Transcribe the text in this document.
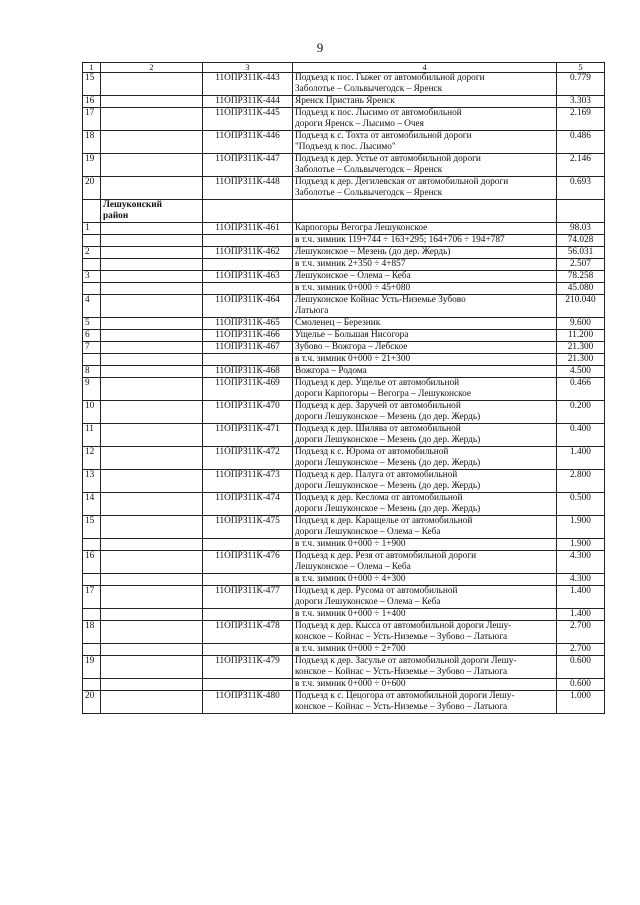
9
1	2	3	4	5
15		11ОПРЗ11К-443	Подъезд к пос. Гыжег от автомобильной дороги
Заболотье – Сольвычегодск – Яренск	0.779
16		11ОПРЗ11К-444	Яренск Пристань Яренск	3.303
17		11ОПРЗ11К-445	Подъезд к пос. Лысимо от автомобильной
дороги Яренск – Лысимо – Очея	2.169
18		11ОПРЗ11К-446	Подъезд к с. Тохта от автомобильной дороги
"Подъезд к пос. Лысимо"	0.486
19		11ОПРЗ11К-447	Подъезд к дер. Устье от автомобильной дороги
Заболотье – Сольвычегодск – Яренск	2.146
20		11ОПРЗ11К-448	Подъезд к дер. Дегилевская от автомобильной дороги
Заболотье – Сольвычегодск – Яренск	0.693
	Лешуконский
район			
1		11ОПРЗ11К-461	Карпогоры Вегогра Лешуконское	98.03
			в т.ч. зимник 119+744 ÷ 163+295; 164+706 ÷ 194+787	74.028
2		11ОПРЗ11К-462	Лешуконское – Мезень (до дер. Жердь)	56.031
			в т.ч. зимник 2+350 ÷ 4+857	2.507
3		11ОПРЗ11К-463	Лешуконское – Олема – Кеба	78.258
			в т.ч. зимник 0+000 ÷ 45+080	45.080
4		11ОПРЗ11К-464	Лешуконское Койнас Усть-Низемье Зубово
Латьюга	210.040
5		11ОПРЗ11К-465	Смоленец – Березник	9.600
6		11ОПРЗ11К-466	Ущелье – Большая Нисогора	11.200
7		11ОПРЗ11К-467	Зубово – Вожгора – Лебское	21.300
			в т.ч. зимник 0+000 ÷ 21+300	21.300
8		11ОПРЗ11К-468	Вожгора – Родома	4.500
9		11ОПРЗ11К-469	Подъезд к дер. Ущелье от автомобильной
дороги Карпогоры – Вегогра – Лешуконское	0.466
10		11ОПРЗ11К-470	Подъезд к дер. Заручей от автомобильной
дороги Лешуконское – Мезень (до дер. Жердь)	0.200
11		11ОПРЗ11К-471	Подъезд к дер. Шилява от автомобильной
дороги Лешуконское – Мезень (до дер. Жердь)	0.400
12		11ОПРЗ11К-472	Подъезд к с. Юрома от автомобильной
дороги Лешуконское – Мезень (до дер. Жердь)	1.400
13		11ОПРЗ11К-473	Подъезд к дер. Палуга от автомобильной
дороги Лешуконское – Мезень (до дер. Жердь)	2.800
14		11ОПРЗ11К-474	Подъезд к дер. Кеслома от автомобильной
дороги Лешуконское – Мезень (до дер. Жердь)	0.500
15		11ОПРЗ11К-475	Подъезд к дер. Каращелье от автомобильной
дороги Лешуконское – Олема – Кеба	1.900
			в т.ч. зимник 0+000 ÷ 1+900	1.900
16		11ОПРЗ11К-476	Подъезд к дер. Резя от автомобильной дороги
Лешуконское – Олема – Кеба	4.300
			в т.ч. зимник 0+000 ÷ 4+300	4.300
17		11ОПРЗ11К-477	Подъезд к дер. Русома от автомобильной
дороги Лешуконское – Олема – Кеба	1.400
			в т.ч. зимник 0+000 ÷ 1+400	1.400
18		11ОПРЗ11К-478	Подъезд к дер. Кысса от автомобильной дороги Лешу-
конское – Койнас – Усть-Низемье – Зубово – Латьюга	2.700
			в т.ч. зимник 0+000 ÷ 2+700	2.700
19		11ОПРЗ11К-479	Подъезд к дер. Засулье от автомобильной дороги Лешу-
конское – Койнас – Усть-Низемье – Зубово – Латьюга	0.600
			в т.ч. зимник 0+000 ÷ 0+600	0.600
20		11ОПРЗ11К-480	Подъезд к с. Цецогора от автомобильной дороги Лешу-
конское – Койнас – Усть-Низемье – Зубово – Латьюга	1.000
